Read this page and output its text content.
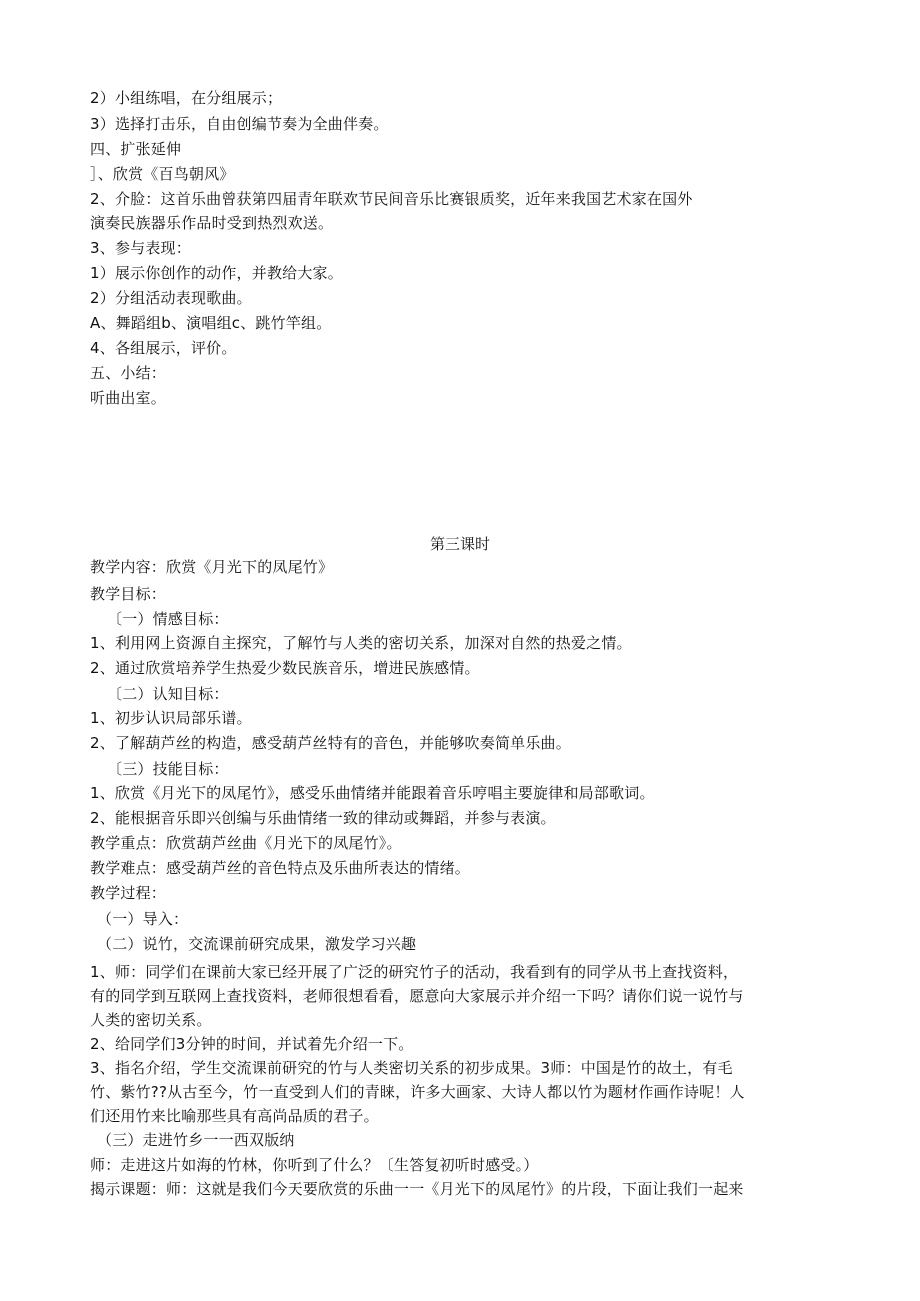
2）小组练唱，在分组展示；
3）选择打击乐，自由创编节奏为全曲伴奏。
四、扩张延伸
］、欣赏《百鸟朝风》
2、介脸：这首乐曲曾获第四届青年联欢节民间音乐比赛银质奖，近年来我国艺术家在国外
演奏民族器乐作品时受到热烈欢送。
3、参与表现：
1）展示你创作的动作，并教给大家。
2）分组活动表现歌曲。
A、舞蹈组b、演唱组c、跳竹竿组。
4、各组展示，评价。
五、小结：
听曲出室。
第三课时
教学内容：欣赏《月光下的凤尾竹》
教学目标：
〔一）情感目标：
1、利用网上资源自主探究，了解竹与人类的密切关系，加深对自然的热爱之情。
2、通过欣赏培养学生热爱少数民族音乐，增进民族感情。
〔二）认知目标：
1、初步认识局部乐谱。
2、了解葫芦丝的构造，感受葫芦丝特有的音色，并能够吹奏简单乐曲。
〔三）技能目标：
1、欣赏《月光下的凤尾竹》，感受乐曲情绪并能跟着音乐哼唱主要旋律和局部歌词。
2、能根据音乐即兴创编与乐曲情绪一致的律动或舞蹈，并参与表演。
教学重点：欣赏葫芦丝曲《月光下的凤尾竹》。
教学难点：感受葫芦丝的音色特点及乐曲所表达的情绪。
教学过程：
（一）导入：
（二）说竹，交流课前研究成果，激发学习兴趣
1、师：同学们在课前大家已经开展了广泛的研究竹子的活动，我看到有的同学从书上查找资料，
有的同学到互联网上查找资料，老师很想看看，愿意向大家展示并介绍一下吗？请你们说一说竹与
人类的密切关系。
2、给同学们3分钟的时间，并试着先介绍一下。
3、指名介绍，学生交流课前研究的竹与人类密切关系的初步成果。3师：中国是竹的故土，有毛
竹、紫竹??从古至今，竹一直受到人们的青睐，许多大画家、大诗人都以竹为题材作画作诗呢！人
们还用竹来比喻那些具有高尚品质的君子。
（三）走进竹乡一一西双版纳
师：走进这片如海的竹林，你听到了什么？〔生答复初听时感受。）
揭示课题：师：这就是我们今天要欣赏的乐曲一一《月光下的凤尾竹》的片段，下面让我们一起来
